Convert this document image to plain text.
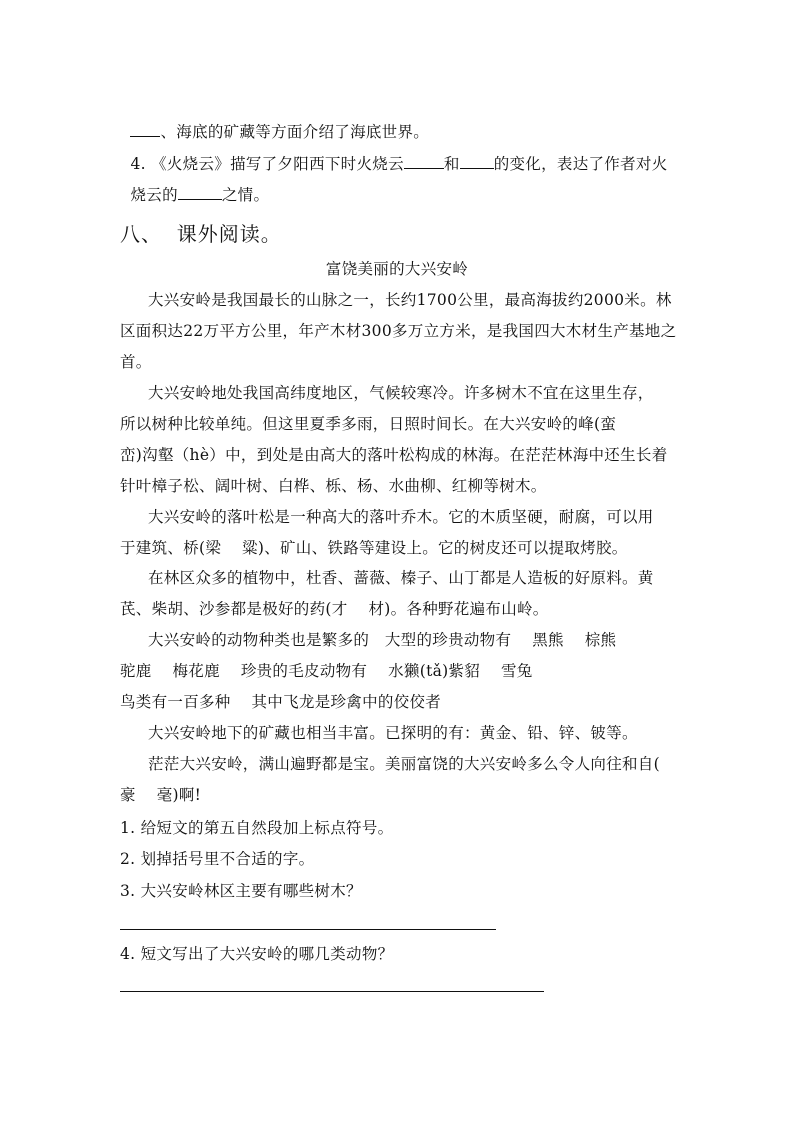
、海底的矿藏等方面介绍了海底世界。

4. 《火烧云》描写了夕阳西下时火烧云	和 的变化，表达了作者对火

烧云的	之情。

八、  课外阅读。
富饶美丽的大兴安岭
大兴安岭是我国最长的山脉之一，长约1700公里，最高海拔约2000米。林
区面积达22万平方公里，年产木材300多万立方米，是我国四大木材生产基地之
首。
大兴安岭地处我国高纬度地区，气候较寒冷。许多树木不宜在这里生存，
所以树种比较单纯。但这里夏季多雨，日照时间长。在大兴安岭的峰(蛮
峦)沟壑（hè）中，到处是由高大的落叶松构成的林海。在茫茫林海中还生长着
针叶樟子松、阔叶树、白桦、栎、杨、水曲柳、红柳等树木。
大兴安岭的落叶松是一种高大的落叶乔木。它的木质坚硬，耐腐，可以用
于建筑、桥(梁    粱)、矿山、铁路等建设上。它的树皮还可以提取烤胶。
在林区众多的植物中，杜香、蔷薇、榛子、山丁都是人造板的好原料。黄
芪、柴胡、沙参都是极好的药(才    材)。各种野花遍布山岭。
大兴安岭的动物种类也是繁多的   大型的珍贵动物有    黑熊    棕熊
驼鹿    梅花鹿    珍贵的毛皮动物有    水獭(tǎ)紫貂    雪兔
鸟类有一百多种    其中飞龙是珍禽中的佼佼者
大兴安岭地下的矿藏也相当丰富。已探明的有：黄金、铅、锌、铍等。
茫茫大兴安岭，满山遍野都是宝。美丽富饶的大兴安岭多么令人向往和自(
豪    毫)啊!
1. 给短文的第五自然段加上标点符号。
2. 划掉括号里不合适的字。
3. 大兴安岭林区主要有哪些树木？
4. 短文写出了大兴安岭的哪几类动物？
